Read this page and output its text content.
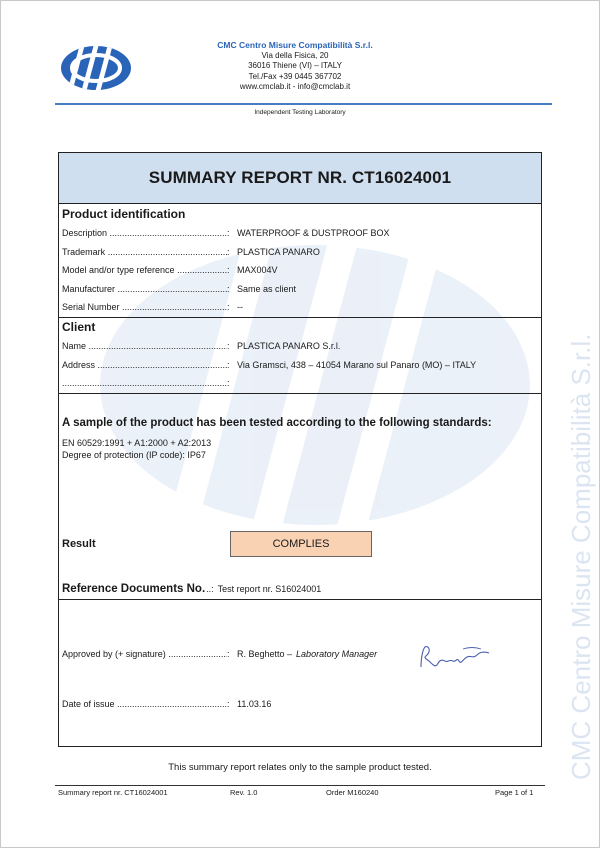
CMC Centro Misure Compatibilità S.r.l.
Via della Fisica, 20
36016 Thiene (VI) – ITALY
Tel./Fax +39 0445 367702
www.cmclab.it - info@cmclab.it
Independent Testing Laboratory
CMC Centro Misure Compatibilità S.r.l.
SUMMARY REPORT NR. CT16024001
Product identification
Description .....	: WATERPROOF & DUSTPROOF BOX
Trademark .....	: PLASTICA PANARO
Model and/or type reference .....	: MAX004V
Manufacturer .....	: Same as client
Serial Number .....	: --
Client
Name .....	: PLASTICA PANARO S.r.l.
Address .....	: Via Gramsci, 438 – 41054 Marano sul Panaro (MO) – ITALY
.....
:
A sample of the product has been tested according to the following standards:
EN 60529:1991 + A1:2000 + A2:2013
Degree of protection (IP code): IP67
Result	COMPLIES
Reference Documents No. ..: Test report nr. S16024001
Approved by (+ signature) .....	: R. Beghetto – Laboratory Manager
Date of issue .....	: 11.03.16
This summary report relates only to the sample product tested.
Summary report nr. CT16024001	Rev. 1.0	Order M160240	Page 1 of 1
